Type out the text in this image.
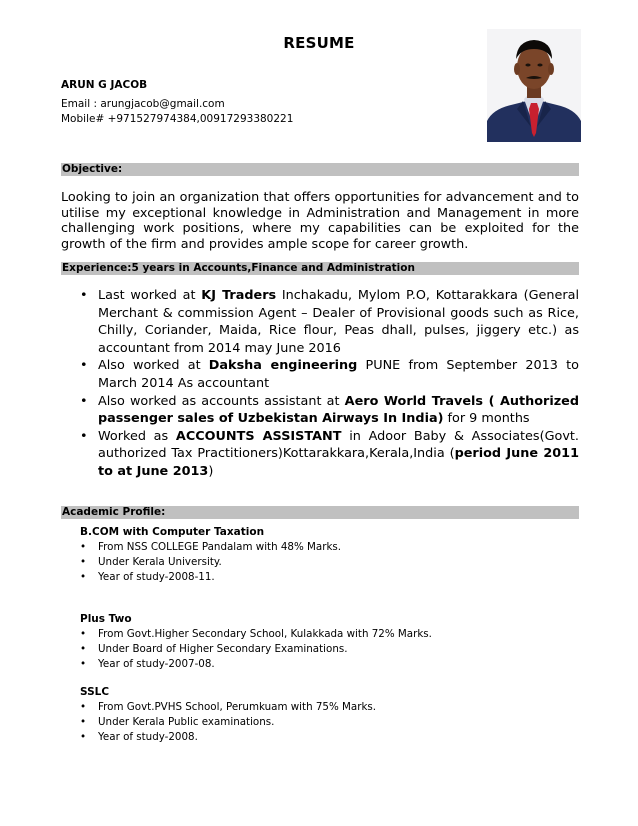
RESUME
ARUN G JACOB
Email : arungjacob@gmail.com
Mobile# +971527974384,00917293380221
Objective:
Looking to join an organization that offers opportunities for advancement and to utilise my exceptional knowledge in Administration and Management in more challenging work positions, where my capabilities can be exploited for the growth of the firm and provides ample scope for career growth.
Experience:5 years in Accounts,Finance and Administration
• Last worked at KJ Traders Inchakadu, Mylom P.O, Kottarakkara (General Merchant & commission Agent – Dealer of Provisional goods such as Rice, Chilly, Coriander, Maida, Rice flour, Peas dhall, pulses, jiggery etc.) as accountant from 2014 may June 2016
• Also worked at Daksha engineering PUNE from September 2013 to March 2014 As accountant
• Also worked as accounts assistant at Aero World Travels ( Authorized passenger sales of Uzbekistan Airways In India) for 9 months
• Worked as ACCOUNTS ASSISTANT in Adoor Baby & Associates(Govt. authorized Tax Practitioners)Kottarakkara,Kerala,India (period June 2011 to at June 2013)
Academic Profile:
B.COM with Computer Taxation
• From NSS COLLEGE Pandalam with 48% Marks.
• Under Kerala University.
• Year of study-2008-11.
Plus Two
• From Govt.Higher Secondary School, Kulakkada with 72% Marks.
• Under Board of Higher Secondary Examinations.
• Year of study-2007-08.
SSLC
• From Govt.PVHS School, Perumkuam with 75% Marks.
• Under Kerala Public examinations.
• Year of study-2008.
